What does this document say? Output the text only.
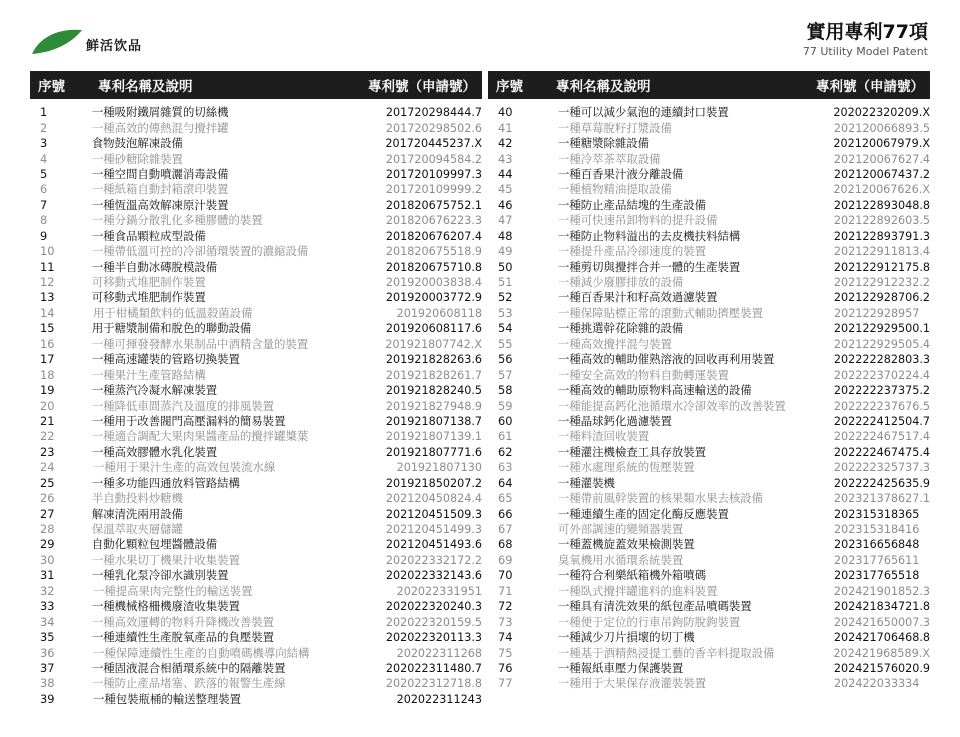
鲜活饮品
實用專利77項
77 Utility Model Patent
序號	專利名稱及說明	專利號（申請號）
1	一種吸附鐵屑雜質的切絲機	201720298444.7
2	一種高效的傳熱混勻攪拌罐	201720298502.6
3	食物鼓泡解凍設備	201720445237.X
4	一種砂糖除雜裝置	201720094584.2
5	一種空間自動噴灑消毒設備	201720109997.3
6	一種紙箱自動封箱滾印裝置	201720109999.2
7	一種恆溫高效解凍原汁裝置	201820675752.1
8	一種分鍋分散乳化多種膠體的裝置	201820676223.3
9	一種食品顆粒成型設備	201820676207.4
10	一種帶低溫可控的冷卻循環裝置的濃縮設備	201820675518.9
11	一種半自動冰磚脫模設備	201820675710.8
12	可移動式堆肥制作裝置	201920003838.4
13	可移動式堆肥制作裝置	201920003772.9
14	用于柑橘類飲料的低溫殺菌設備	201920608118
15	用于糖漿制備和脫色的聯動設備	201920608117.6
16	一種可揮發發酵水果制品中酒精含量的裝置	201921807742.X
17	一種高速罐裝的管路切換裝置	201921828263.6
18	一種果汁生產管路結構	201921828261.7
19	一種蒸汽冷凝水解凍裝置	201921828240.5
20	一種降低車間蒸汽及溫度的排風裝置	201921827948.9
21	一種用于改善閥門高壓漏料的簡易裝置	201921807138.7
22	一種適合調配大果肉果醬產品的攪拌罐槳葉	201921807139.1
23	一種高效膠體水乳化裝置	201921807771.6
24	一種用于果汁生產的高效包裝流水線	201921807130
25	一種多功能四通放料管路結構	201921850207.2
26	半自動投料炒糖機	202120450824.4
27	解凍清洗兩用設備	202120451509.3
28	保溫萃取夾層儲罐	202120451499.3
29	自動化顆粒包埋醬體設備	202120451493.6
30	一種水果切丁機果汁收集裝置	202022332172.2
31	一種乳化泵冷卻水識別裝置	202022332143.6
32	一種提高果肉完整性的輸送裝置	202022331951
33	一種機械格柵機廢渣收集裝置	202022320240.3
34	一種高效運轉的物料升降機改善裝置	202022320159.5
35	一種連續性生產脫氧產品的負壓裝置	202022320113.3
36	一種保障連續性生產的自動噴碼機導向結構	202022311268
37	一種固液混合相循環系統中的隔離裝置	202022311480.7
38	一種防止產品堵塞、跌落的報警生產線	202022312718.8
39	一種包裝瓶桶的輸送整理裝置	202022311243
序號	專利名稱及說明	專利號（申請號）
40	一種可以減少氣泡的連續封口裝置	202022320209.X
41	一種草莓脫籽打漿設備	202120066893.5
42	一種糖漿除雜設備	202120067979.X
43	一種冷萃茶萃取設備	202120067627.4
44	一種百香果汁液分離設備	202120067437.2
45	一種植物精油提取設備	202120067626.X
46	一種防止產品結塊的生產設備	202122893048.8
47	一種可快速吊卸物料的提升設備	202122892603.5
48	一種防止物料溢出的去皮機扶料結構	202122893791.3
49	一種提升產品冷卻速度的裝置	202122911813.4
50	一種剪切與攪拌合并一體的生產裝置	202122912175.8
51	一種減少廢膠排放的設備	202122912232.2
52	一種百香果汁和籽高效過濾裝置	202122928706.2
53	一種保障貼標正常的滾動式輔助擠壓裝置	202122928957
54	一種挑選幹花除雜的設備	202122929500.1
55	一種高效攪拌混勻裝置	202122929505.4
56	一種高效的輔助催熟溶液的回收再利用裝置	202222282803.3
57	一種安全高效的物料自動轉運裝置	202222370224.4
58	一種高效的輔助原物料高速輸送的設備	202222237375.2
59	一種能提高鈣化池循環水冷卻效率的改善裝置	202222237676.5
60	一種晶球鈣化過濾裝置	202222412504.7
61	一種料渣回收裝置	202222467517.4
62	一種灌注機檢查工具存放裝置	202222467475.4
63	一種水處理系統的恆壓裝置	202222325737.3
64	一種灌裝機	202222425635.9
65	一種帶前風幹裝置的核果類水果去核設備	202321378627.1
66	一種連續生產的固定化酶反應裝置	202315318365
67	可外部調速的變頻器裝置	202315318416
68	一種蓋機旋蓋效果檢測裝置	202316656848
69	臭氧機用水循環系統裝置	202317765611
70	一種符合利樂紙箱機外箱噴碼	202317765518
71	一種臥式攪拌罐進料的進料裝置	202421901852.3
72	一種具有清洗效果的紙包產品噴碼裝置	202421834721.8
73	一種便于定位的行車吊鉤防脫鉤裝置	202421650007.3
74	一種減少刀片損壞的切丁機	202421706468.8
75	一種基于酒精熱浸提工藝的香辛料提取設備	202421968589.X
76	一種報紙車壓力保護裝置	202421576020.9
77	一種用于大果保存液灌裝裝置	202422033334
